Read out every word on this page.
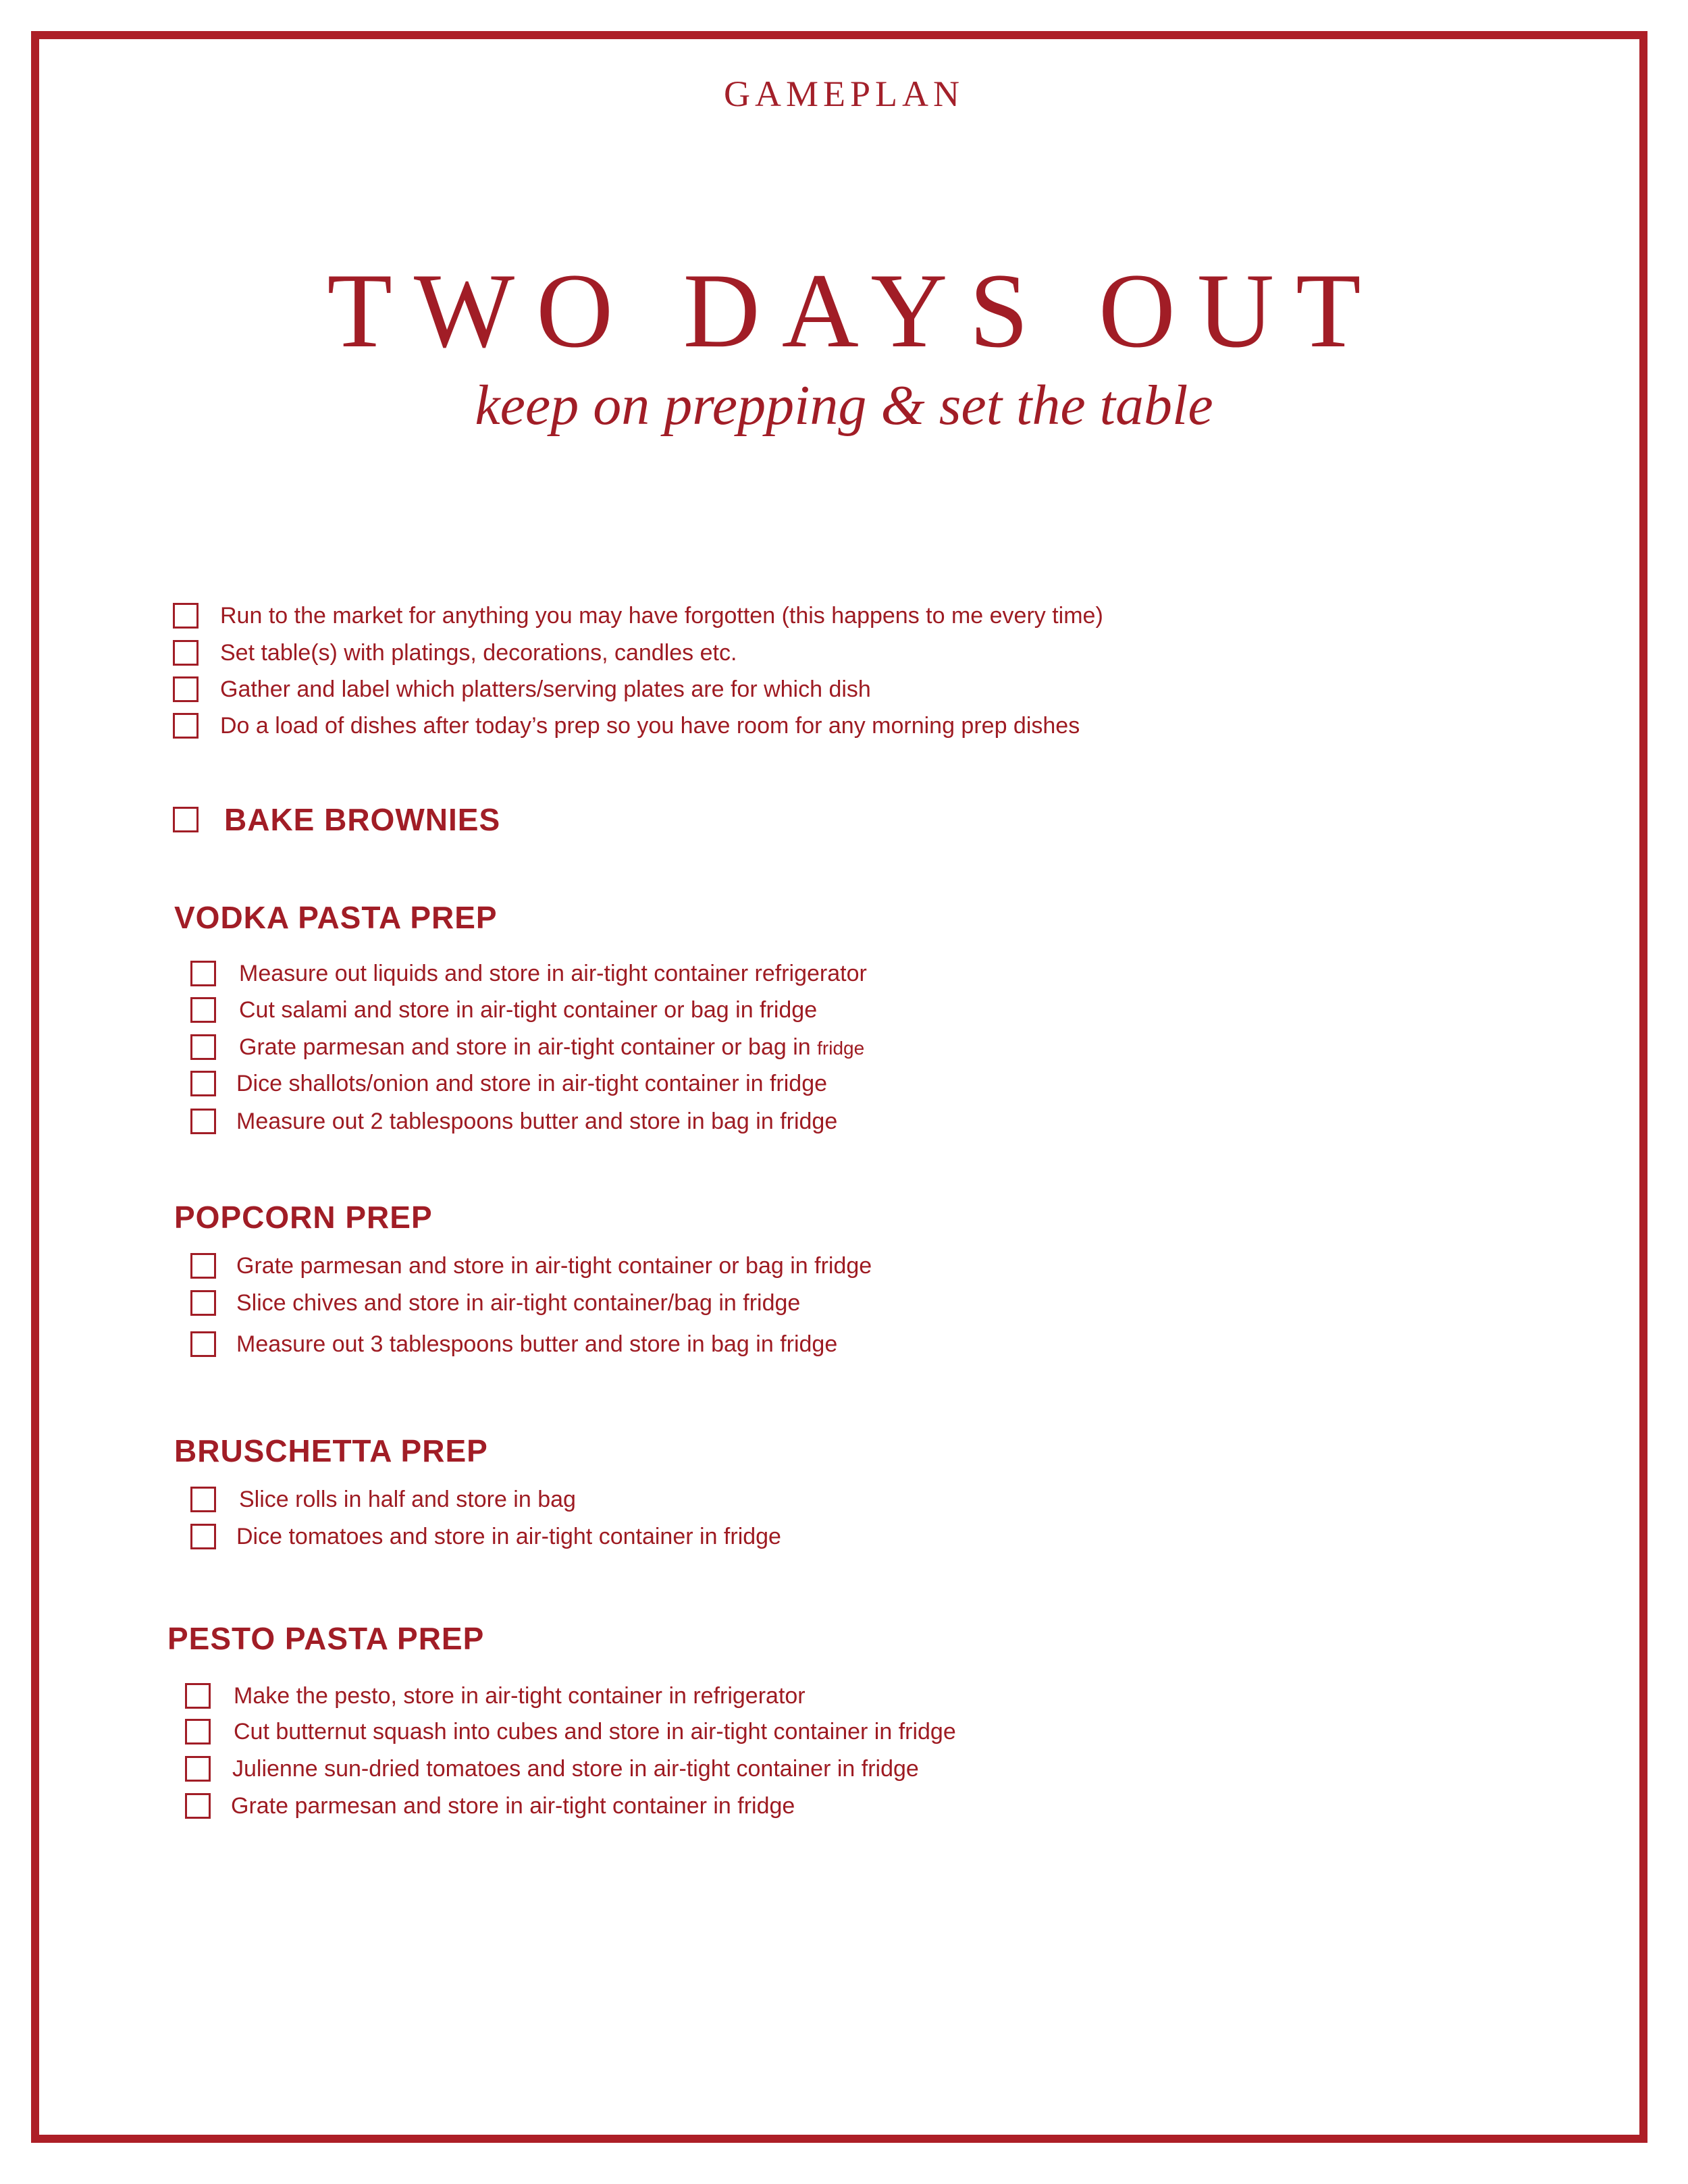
GAMEPLAN
TWO DAYS OUT
keep on prepping & set the table
Run to the market for anything you may have forgotten (this happens to me every time)
Set table(s) with platings, decorations, candles etc.
Gather and label which platters/serving plates are for which dish
Do a load of dishes after today’s prep so you have room for any morning prep dishes
BAKE BROWNIES
VODKA PASTA PREP
Measure out liquids and store in air-tight container refrigerator
Cut salami and store in air-tight container or bag in fridge
Grate parmesan and store in air-tight container or bag in fridge
Dice shallots/onion and store in air-tight container in fridge
Measure out 2 tablespoons butter and store in bag in fridge
POPCORN PREP
Grate parmesan and store in air-tight container or bag in fridge
Slice chives and store in air-tight container/bag in fridge
Measure out 3 tablespoons butter and store in bag in fridge
BRUSCHETTA PREP
Slice rolls in half and store in bag
Dice tomatoes and store in air-tight container in fridge
PESTO PASTA PREP
Make the pesto, store in air-tight container in refrigerator
Cut butternut squash into cubes and store in air-tight container in fridge
Julienne sun-dried tomatoes and store in air-tight container in fridge
Grate parmesan and store in air-tight container in fridge
